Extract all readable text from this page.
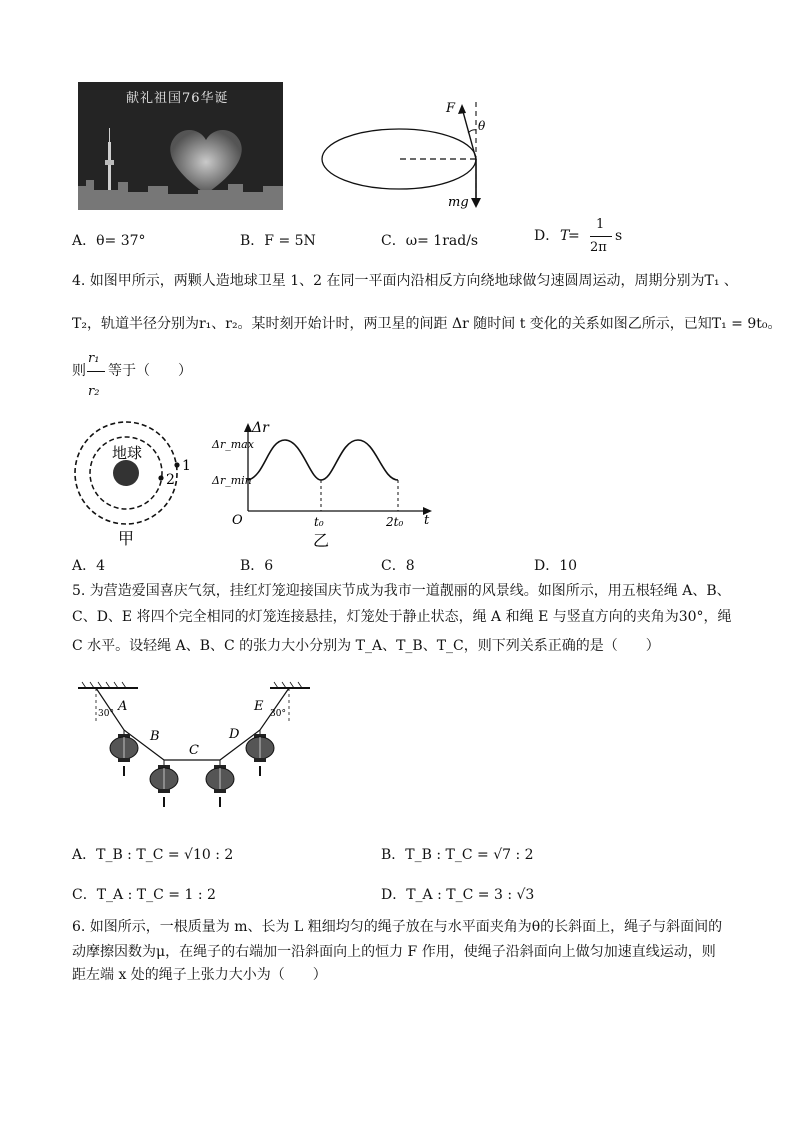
献礼祖国76华诞
F
θ
mg
A．θ= 37°	B．F = 5N	C．ω= 1rad/s	D． T
=
1
2π
s
4. 如图甲所示，两颗人造地球卫星 1、2 在同一平面内沿相反方向绕地球做匀速圆周运动，周期分别为T₁ 、
T₂，轨道半径分别为r₁、r₂。某时刻开始计时，两卫星的间距 Δr 随时间 t 变化的关系如图乙所示，已知T₁ = 9t₀。
则
r₁
r₂
等于（　　）
地球
1
2
甲
Δr
Δr_max
Δr_min
O	t₀	2t₀ t
乙
A．4	B．6	C．8	D．10
5. 为营造爱国喜庆气氛，挂红灯笼迎接国庆节成为我市一道靓丽的风景线。如图所示，用五根轻绳 A、B、
C、D、E 将四个完全相同的灯笼连接悬挂，灯笼处于静止状态，绳 A 和绳 E 与竖直方向的夹角为30°，绳
C 水平。设轻绳 A、B、C 的张力大小分别为 T_A、T_B、T_C，则下列关系正确的是（　　）
30°	30°
A
B
C
D
E
A．T_B : T_C = √10 : 2	B．T_B : T_C = √7 : 2
C．T_A : T_C = 1 : 2	D．T_A : T_C = 3 : √3
6. 如图所示，一根质量为 m、长为 L 粗细均匀的绳子放在与水平面夹角为θ的长斜面上，绳子与斜面间的
动摩擦因数为μ，在绳子的右端加一沿斜面向上的恒力 F 作用，使绳子沿斜面向上做匀加速直线运动，则
距左端 x 处的绳子上张力大小为（　　）
